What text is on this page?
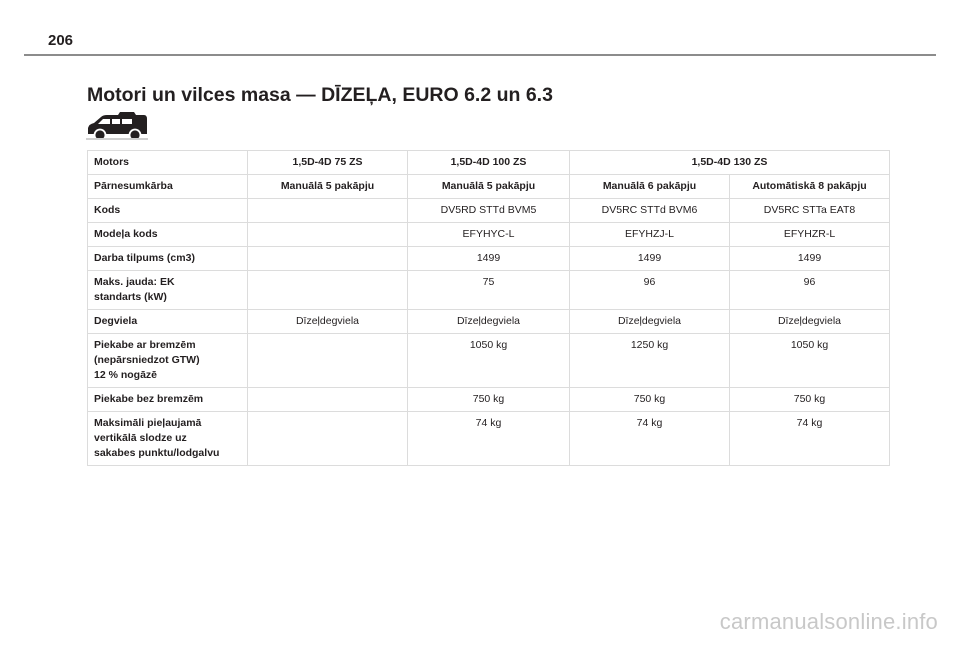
206
Motori un vilces masa — DĪZEĻA, EURO 6.2 un 6.3
Motors	1,5D-4D 75 ZS	1,5D-4D 100 ZS	1,5D-4D 130 ZS	
Pārnesumkārba	Manuālā 5 pakāpju	Manuālā 5 pakāpju	Manuālā 6 pakāpju	Automātiskā 8 pakāpju
Kods		DV5RD STTd BVM5	DV5RC STTd BVM6	DV5RC STTa EAT8
Modeļa kods		EFYHYC-L	EFYHZJ-L	EFYHZR-L
Darba tilpums (cm3)		1499	1499	1499
Maks. jauda: EK
standarts (kW)		75	96	96
Degviela	Dīzeļdegviela	Dīzeļdegviela	Dīzeļdegviela	Dīzeļdegviela
Piekabe ar bremzēm
(nepārsniedzot GTW)
12 % nogāzē		1050 kg	1250 kg	1050 kg
Piekabe bez bremzēm		750 kg	750 kg	750 kg
Maksimāli pieļaujamā
vertikālā slodze uz
sakabes punktu/lodgalvu		74 kg	74 kg	74 kg
carmanualsonline.info
